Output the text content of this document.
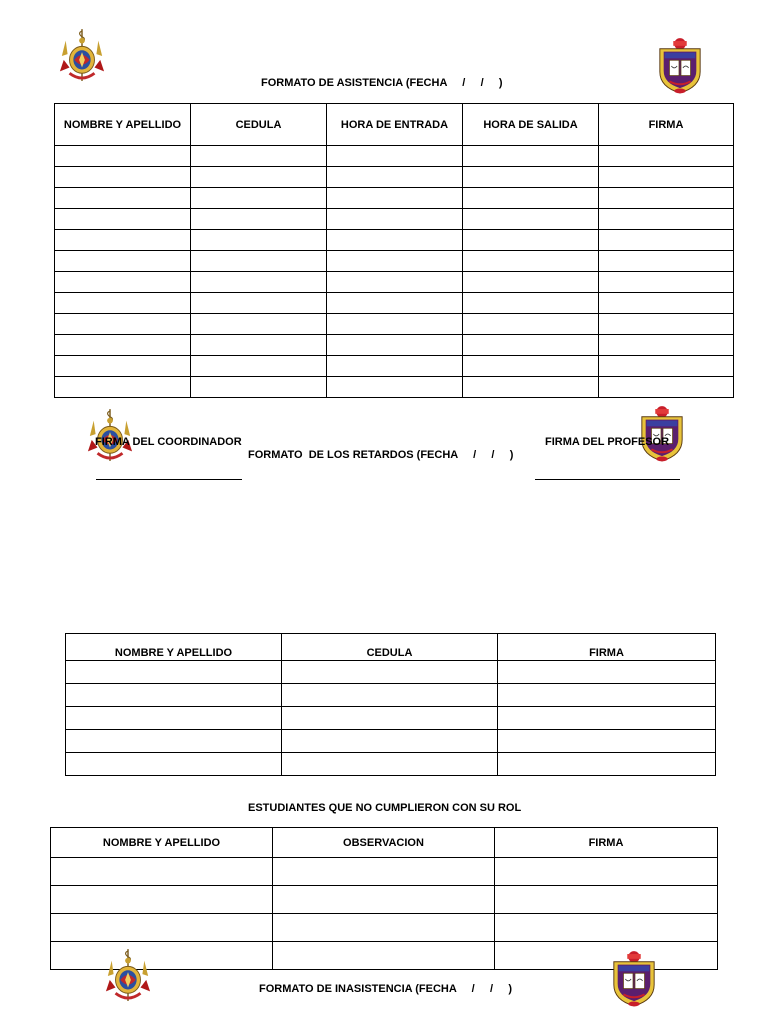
FORMATO DE ASISTENCIA (FECHA     /     /     )
NOMBRE Y APELLIDO	CEDULA	HORA DE ENTRADA	HORA DE SALIDA	FIRMA

FIRMA DEL COORDINADOR	FIRMA DEL PROFESOR
FORMATO  DE LOS RETARDOS (FECHA     /     /     )
NOMBRE Y APELLIDO	CEDULA	FIRMA

ESTUDIANTES QUE NO CUMPLIERON CON SU ROL
NOMBRE Y APELLIDO	OBSERVACION	FIRMA

FORMATO DE INASISTENCIA (FECHA     /     /     )
